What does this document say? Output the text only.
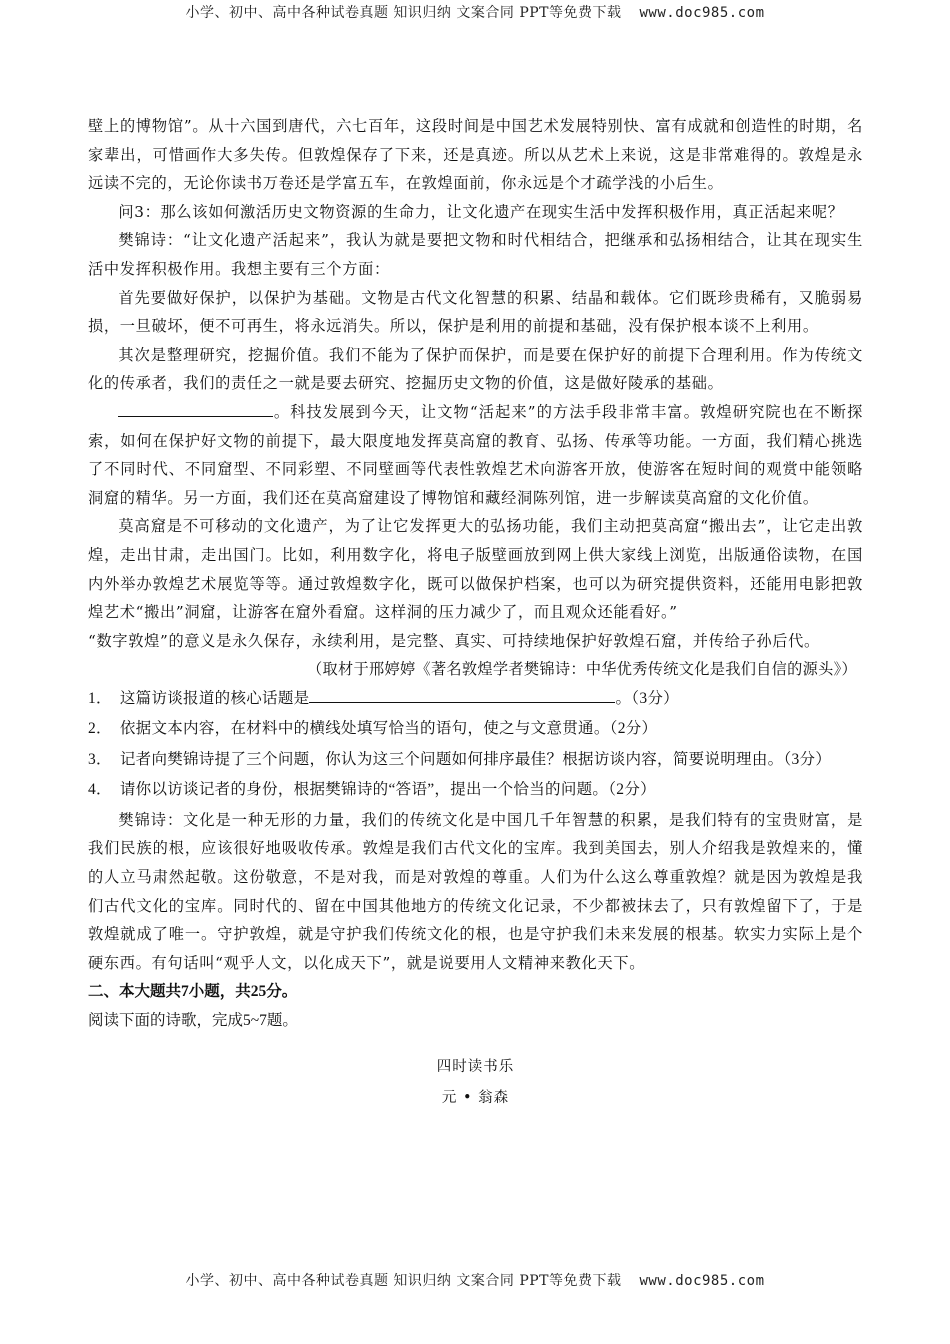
小学、初中、高中各种试卷真题 知识归纳 文案合同 PPT等免费下载 www.doc985.com

壁上的博物馆”。从十六国到唐代，六七百年，这段时间是中国艺术发展特别快、富有成就和创造性的时期，名家辈出，可惜画作大多失传。但敦煌保存了下来，还是真迹。所以从艺术上来说，这是非常难得的。敦煌是永远读不完的，无论你读书万卷还是学富五车，在敦煌面前，你永远是个才疏学浅的小后生。

问3：那么该如何激活历史文物资源的生命力，让文化遗产在现实生活中发挥积极作用，真正活起来呢？

樊锦诗：“让文化遗产活起来”，我认为就是要把文物和时代相结合，把继承和弘扬相结合，让其在现实生活中发挥积极作用。我想主要有三个方面：

首先要做好保护，以保护为基础。文物是古代文化智慧的积累、结晶和载体。它们既珍贵稀有，又脆弱易损，一旦破坏，便不可再生，将永远消失。所以，保护是利用的前提和基础，没有保护根本谈不上利用。

其次是整理研究，挖掘价值。我们不能为了保护而保护，而是要在保护好的前提下合理利用。作为传统文化的传承者，我们的责任之一就是要去研究、挖掘历史文物的价值，这是做好陵承的基础。

。科技发展到今天，让文物“活起来”的方法手段非常丰富。敦煌研究院也在不断探索，如何在保护好文物的前提下，最大限度地发挥莫高窟的教育、弘扬、传承等功能。一方面，我们精心挑选了不同时代、不同窟型、不同彩塑、不同壁画等代表性敦煌艺术向游客开放，使游客在短时间的观赏中能领略洞窟的精华。另一方面，我们还在莫高窟建设了博物馆和藏经洞陈列馆，进一步解读莫高窟的文化价值。

莫高窟是不可移动的文化遗产，为了让它发挥更大的弘扬功能，我们主动把莫高窟“搬出去”，让它走出敦煌，走出甘肃，走出国门。比如，利用数字化，将电子版壁画放到网上供大家线上浏览，出版通俗读物，在国内外举办敦煌艺术展览等等。通过敦煌数字化，既可以做保护档案，也可以为研究提供资料，还能用电影把敦煌艺术“搬出”洞窟，让游客在窟外看窟。这样洞的压力减少了，而且观众还能看好。”

“数字敦煌”的意义是永久保存，永续利用，是完整、真实、可持续地保护好敦煌石窟，并传给子孙后代。

（取材于邢婷婷《著名敦煌学者樊锦诗：中华优秀传统文化是我们自信的源头》）

1． 这篇访谈报道的核心话题是	。（3分）

2． 依据文本内容，在材料中的横线处填写恰当的语句，使之与文意贯通。（2分）

3． 记者向樊锦诗提了三个问题，你认为这三个问题如何排序最佳？根据访谈内容，简要说明理由。（3分）

4． 请你以访谈记者的身份，根据樊锦诗的“答语”，提出一个恰当的问题。（2分）

樊锦诗：文化是一种无形的力量，我们的传统文化是中国几千年智慧的积累，是我们特有的宝贵财富，是我们民族的根，应该很好地吸收传承。敦煌是我们古代文化的宝库。我到美国去，别人介绍我是敦煌来的，懂的人立马肃然起敬。这份敬意，不是对我，而是对敦煌的尊重。人们为什么这么尊重敦煌？就是因为敦煌是我们古代文化的宝库。同时代的、留在中国其他地方的传统文化记录，不少都被抹去了，只有敦煌留下了，于是敦煌就成了唯一。守护敦煌，就是守护我们传统文化的根，也是守护我们未来发展的根基。软实力实际上是个硬东西。有句话叫“观乎人文，以化成天下”，就是说要用人文精神来教化天下。

二、本大题共7小题，共25分。

阅读下面的诗歌，完成5~7题。

四时读书乐

元 • 翁森

小学、初中、高中各种试卷真题 知识归纳 文案合同 PPT等免费下载 www.doc985.com
